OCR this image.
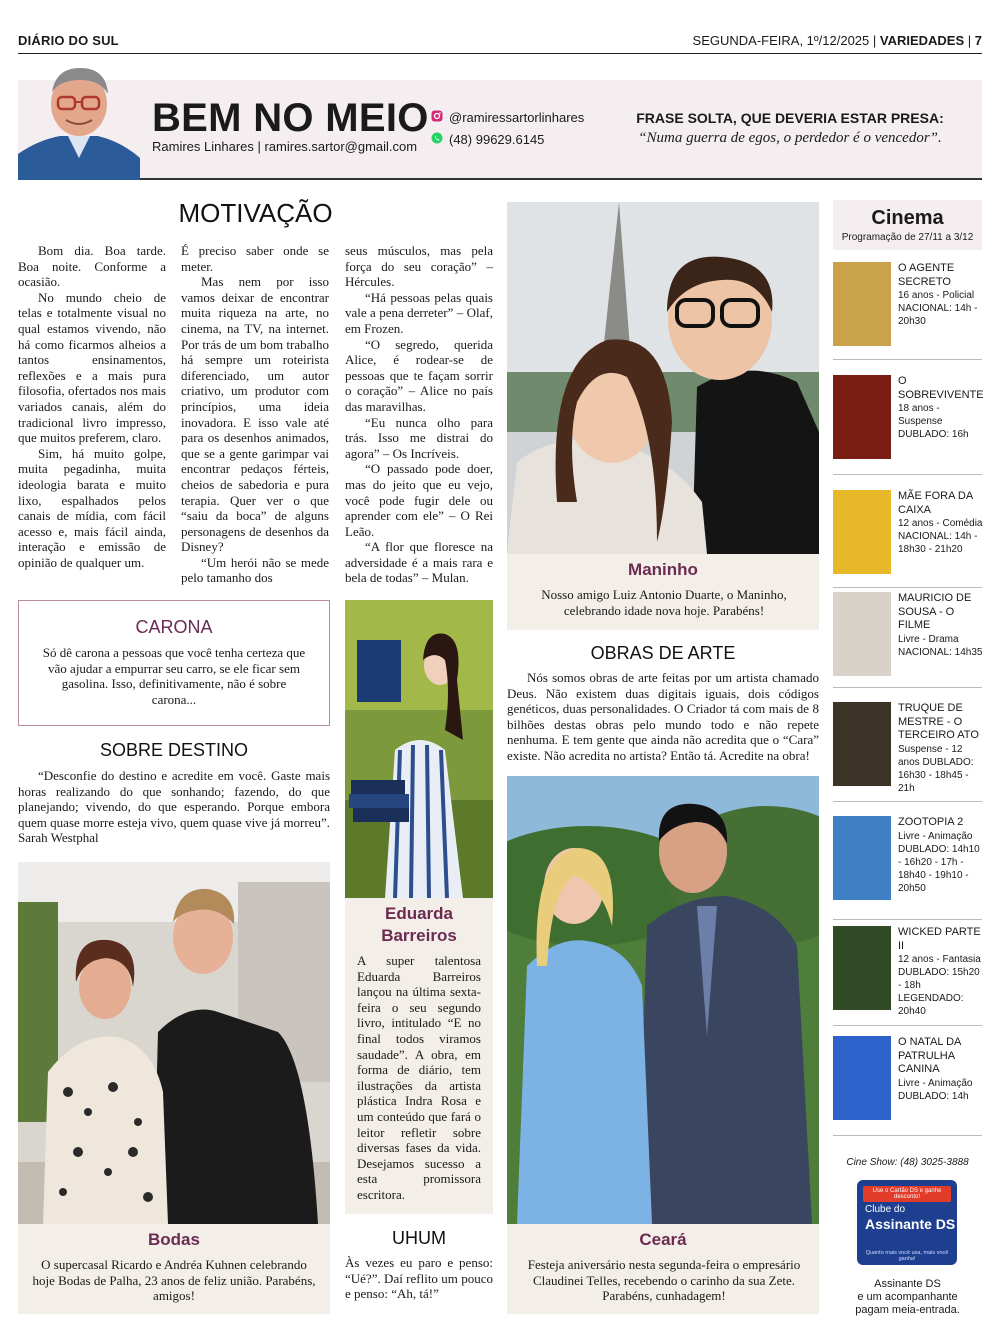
DIÁRIO DO SUL	SEGUNDA-FEIRA, 1º/12/2025 | VARIEDADES | 7
BEM NO MEIO
Ramires Linhares | ramires.sartor@gmail.com
@ramiressartorlinhares
(48) 99629.6145
FRASE SOLTA, QUE DEVERIA ESTAR PRESA:
“Numa guerra de egos, o perdedor é o vencedor”.
MOTIVAÇÃO

Bom dia. Boa tarde. Boa noite. Conforme a ocasião.

No mundo cheio de telas e totalmente visual no qual estamos vivendo, não há como ficarmos alheios a tantos ensinamentos, reflexões e a mais pura filosofia, ofertados nos mais variados canais, além do tradicional livro impresso, que muitos preferem, claro.

Sim, há muito golpe, muita pegadinha, muita ideologia barata e muito lixo, espalhados pelos canais de mídia, com fácil acesso e, mais fácil ainda, interação e emissão de opinião de qualquer um.

É preciso saber onde se meter.

Mas nem por isso vamos deixar de encontrar muita riqueza na arte, no cinema, na TV, na internet. Por trás de um bom trabalho há sempre um roteirista diferenciado, um autor criativo, um produtor com princípios, uma ideia inovadora. E isso vale até para os desenhos animados, que se a gente garimpar vai encontrar pedaços férteis, cheios de sabedoria e pura terapia. Quer ver o que “saiu da boca” de alguns personagens de desenhos da Disney?

“Um herói não se mede pelo tamanho dos

seus músculos, mas pela força do seu coração” – Hércules.

“Há pessoas pelas quais vale a pena derreter” – Olaf, em Frozen.

“O segredo, querida Alice, é rodear-se de pessoas que te façam sorrir o coração” – Alice no país das maravilhas.

“Eu nunca olho para trás. Isso me distrai do agora” – Os Incríveis.

“O passado pode doer, mas do jeito que eu vejo, você pode fugir dele ou aprender com ele” – O Rei Leão.

“A flor que floresce na adversidade é a mais rara e bela de todas” – Mulan.

CARONA
Só dê carona a pessoas que você tenha certeza que vão ajudar a empurrar seu carro, se ele ficar sem gasolina. Isso, definitivamente, não é sobre carona...
SOBRE DESTINO

“Desconfie do destino e acredite em você. Gaste mais horas realizando do que sonhando; fazendo, do que planejando; vivendo, do que esperando. Porque embora quem quase morre esteja vivo, quem quase vive já morreu”. Sarah Westphal

Bodas
O supercasal Ricardo e Andréa Kuhnen celebrando hoje Bodas de Palha, 23 anos de feliz união. Parabéns, amigos!
Eduarda Barreiros
A super talentosa Eduarda Barreiros lançou na última sexta-feira o seu segundo livro, intitulado “E no final todos viramos saudade”. A obra, em forma de diário, tem ilustrações da artista plástica Indra Rosa e um conteúdo que fará o leitor refletir sobre diversas fases da vida. Desejamos sucesso a esta promissora escritora.
UHUM
Às vezes eu paro e penso: “Ué?”. Daí reflito um pouco e penso: “Ah, tá!”
Maninho
Nosso amigo Luiz Antonio Duarte, o Maninho, celebrando idade nova hoje. Parabéns!
OBRAS DE ARTE

Nós somos obras de arte feitas por um artista chamado Deus. Não existem duas digitais iguais, dois códigos genéticos, duas personalidades. O Criador tá com mais de 8 bilhões destas obras pelo mundo todo e não repete nenhuma. E tem gente que ainda não acredita que o “Cara” existe. Não acredita no artista? Então tá. Acredite na obra!

Ceará
Festeja aniversário nesta segunda-feira o empresário Claudinei Telles, recebendo o carinho da sua Zete. Parabéns, cunhadagem!
Cinema
Programação de 27/11 a 3/12
O AGENTE SECRETO
16 anos - Policial NACIONAL: 14h - 20h30
O SOBREVIVENTE
18 anos - Suspense DUBLADO: 16h
MÃE FORA DA CAIXA
12 anos - Comédia NACIONAL: 14h - 18h30 - 21h20
MAURICIO DE SOUSA - O FILME
Livre - Drama NACIONAL: 14h35
TRUQUE DE MESTRE - O TERCEIRO ATO
Suspense - 12 anos DUBLADO: 16h30 - 18h45 - 21h
ZOOTOPIA 2
Livre - Animação DUBLADO: 14h10 - 16h20 - 17h - 18h40 - 19h10 - 20h50
WICKED PARTE II
12 anos - Fantasia DUBLADO: 15h20 - 18h LEGENDADO: 20h40
O NATAL DA PATRULHA CANINA
Livre - Animação DUBLADO: 14h
Cine Show: (48) 3025-3888
Use o Cartão DS e ganhe desconto!
Clube do
Assinante DS
Quanto mais você usa, mais você ganha!
Assinante DS
e um acompanhante
pagam meia-entrada.
